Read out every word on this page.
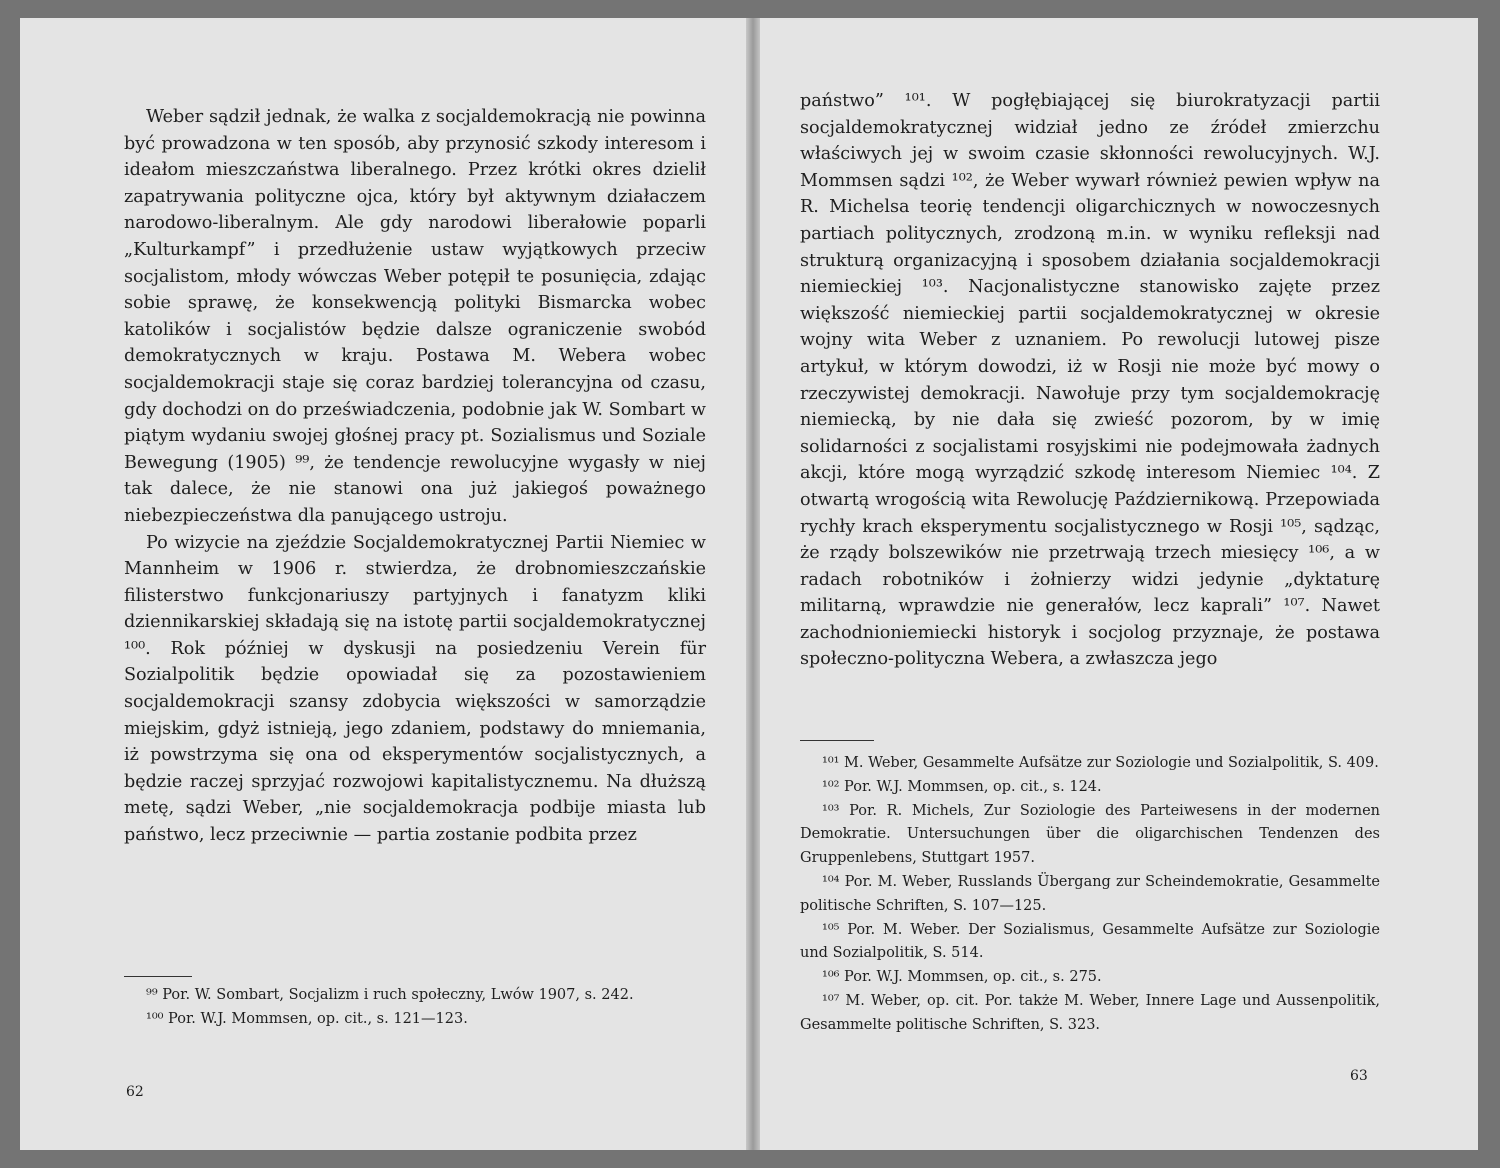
Weber sądził jednak, że walka z socjaldemokracją nie powinna być prowadzona w ten sposób, aby przynosić szkody interesom i ideałom mieszczaństwa liberalnego. Przez krótki okres dzielił zapatrywania polityczne ojca, który był aktywnym działaczem narodowo-liberalnym. Ale gdy narodowi liberałowie poparli „Kulturkampf” i przedłużenie ustaw wyjątkowych przeciw socjalistom, młody wówczas Weber potępił te posunięcia, zdając sobie sprawę, że konsekwencją polityki Bismarcka wobec katolików i socjalistów będzie dalsze ograniczenie swobód demokratycznych w kraju. Postawa M. Webera wobec socjaldemokracji staje się coraz bardziej tolerancyjna od czasu, gdy dochodzi on do przeświadczenia, podobnie jak W. Sombart w piątym wydaniu swojej głośnej pracy pt. Sozialismus und Soziale Bewegung (1905) ⁹⁹, że tendencje rewolucyjne wygasły w niej tak dalece, że nie stanowi ona już jakiegoś poważnego niebezpieczeństwa dla panującego ustroju.

Po wizycie na zjeździe Socjaldemokratycznej Partii Niemiec w Mannheim w 1906 r. stwierdza, że drobnomieszczańskie filisterstwo funkcjonariuszy partyjnych i fanatyzm kliki dziennikarskiej składają się na istotę partii socjaldemokratycznej ¹⁰⁰. Rok później w dyskusji na posiedzeniu Verein für Sozialpolitik będzie opowiadał się za pozostawieniem socjaldemokracji szansy zdobycia większości w samorządzie miejskim, gdyż istnieją, jego zdaniem, podstawy do mniemania, iż powstrzyma się ona od eksperymentów socjalistycznych, a będzie raczej sprzyjać rozwojowi kapitalistycznemu. Na dłuższą metę, sądzi Weber, „nie socjaldemokracja podbije miasta lub państwo, lecz przeciwnie — partia zostanie podbita przez

⁹⁹ Por. W. Sombart, Socjalizm i ruch społeczny, Lwów 1907, s. 242.

¹⁰⁰ Por. W.J. Mommsen, op. cit., s. 121—123.

62

państwo” ¹⁰¹. W pogłębiającej się biurokratyzacji partii socjaldemokratycznej widział jedno ze źródeł zmierzchu właściwych jej w swoim czasie skłonności rewolucyjnych. W.J. Mommsen sądzi ¹⁰², że Weber wywarł również pewien wpływ na R. Michelsa teorię tendencji oligarchicznych w nowoczesnych partiach politycznych, zrodzoną m.in. w wyniku refleksji nad strukturą organizacyjną i sposobem działania socjaldemokracji niemieckiej ¹⁰³. Nacjonalistyczne stanowisko zajęte przez większość niemieckiej partii socjaldemokratycznej w okresie wojny wita Weber z uznaniem. Po rewolucji lutowej pisze artykuł, w którym dowodzi, iż w Rosji nie może być mowy o rzeczywistej demokracji. Nawołuje przy tym socjaldemokrację niemiecką, by nie dała się zwieść pozorom, by w imię solidarności z socjalistami rosyjskimi nie podejmowała żadnych akcji, które mogą wyrządzić szkodę interesom Niemiec ¹⁰⁴. Z otwartą wrogością wita Rewolucję Październikową. Przepowiada rychły krach eksperymentu socjalistycznego w Rosji ¹⁰⁵, sądząc, że rządy bolszewików nie przetrwają trzech miesięcy ¹⁰⁶, a w radach robotników i żołnierzy widzi jedynie „dyktaturę militarną, wprawdzie nie generałów, lecz kaprali” ¹⁰⁷. Nawet zachodnioniemiecki historyk i socjolog przyznaje, że postawa społeczno-polityczna Webera, a zwłaszcza jego

¹⁰¹ M. Weber, Gesammelte Aufsätze zur Soziologie und Sozialpolitik, S. 409.

¹⁰² Por. W.J. Mommsen, op. cit., s. 124.

¹⁰³ Por. R. Michels, Zur Soziologie des Parteiwesens in der modernen Demokratie. Untersuchungen über die oligarchischen Tendenzen des Gruppenlebens, Stuttgart 1957.

¹⁰⁴ Por. M. Weber, Russlands Übergang zur Scheindemokratie, Gesammelte politische Schriften, S. 107—125.

¹⁰⁵ Por. M. Weber. Der Sozialismus, Gesammelte Aufsätze zur Soziologie und Sozialpolitik, S. 514.

¹⁰⁶ Por. W.J. Mommsen, op. cit., s. 275.

¹⁰⁷ M. Weber, op. cit. Por. także M. Weber, Innere Lage und Aussenpolitik, Gesammelte politische Schriften, S. 323.

63
